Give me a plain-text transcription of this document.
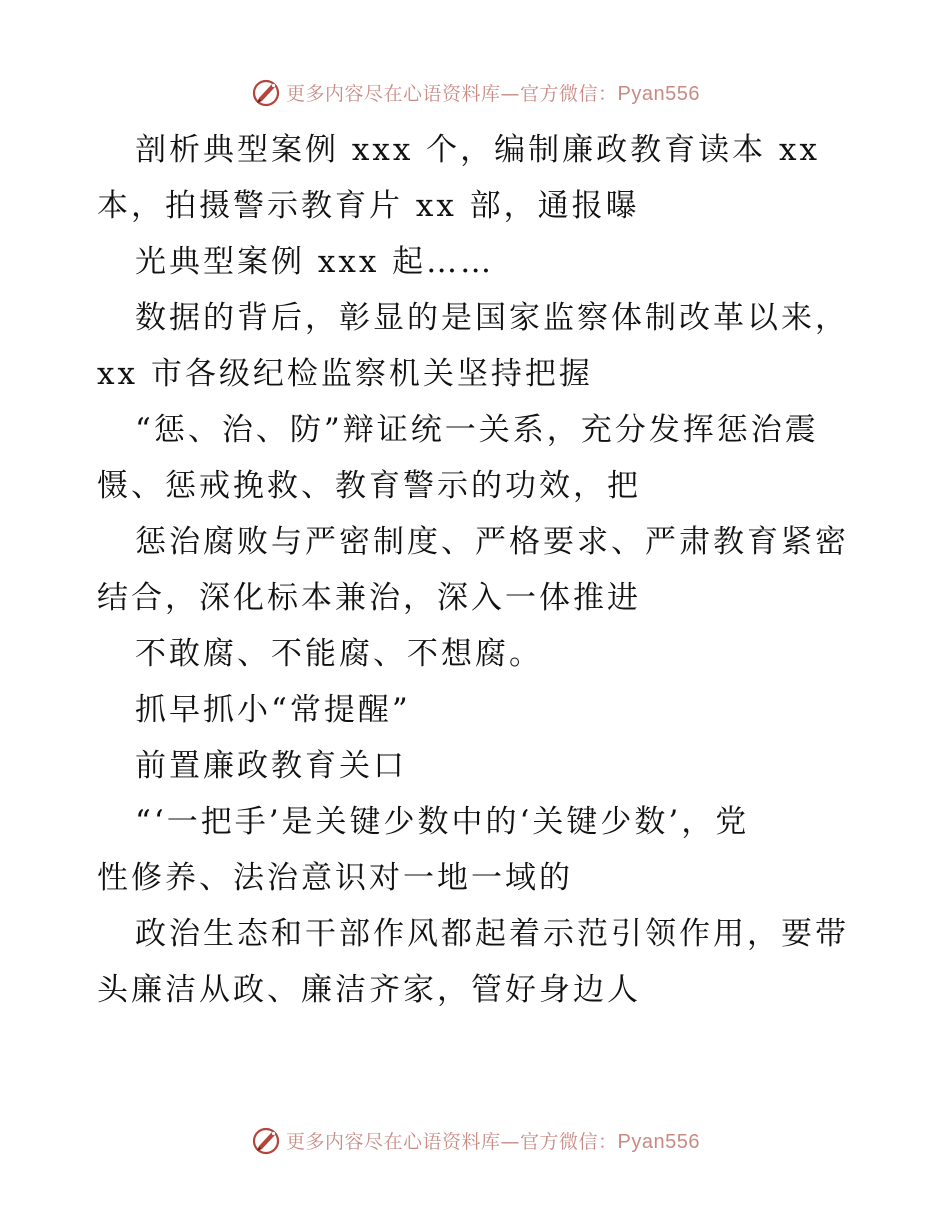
更多内容尽在心语资料库—官方微信：Pyan556
剖析典型案例 xxx 个，编制廉政教育读本 xx
本，拍摄警示教育片 xx 部，通报曝
光典型案例 xxx 起……
数据的背后，彰显的是国家监察体制改革以来，
xx 市各级纪检监察机关坚持把握
“惩、治、防”辩证统一关系，充分发挥惩治震
慑、惩戒挽救、教育警示的功效，把
惩治腐败与严密制度、严格要求、严肃教育紧密
结合，深化标本兼治，深入一体推进
不敢腐、不能腐、不想腐。
抓早抓小“常提醒”
前置廉政教育关口
“‘一把手’是关键少数中的‘关键少数’，党
性修养、法治意识对一地一域的
政治生态和干部作风都起着示范引领作用，要带
头廉洁从政、廉洁齐家，管好身边人
更多内容尽在心语资料库—官方微信：Pyan556
